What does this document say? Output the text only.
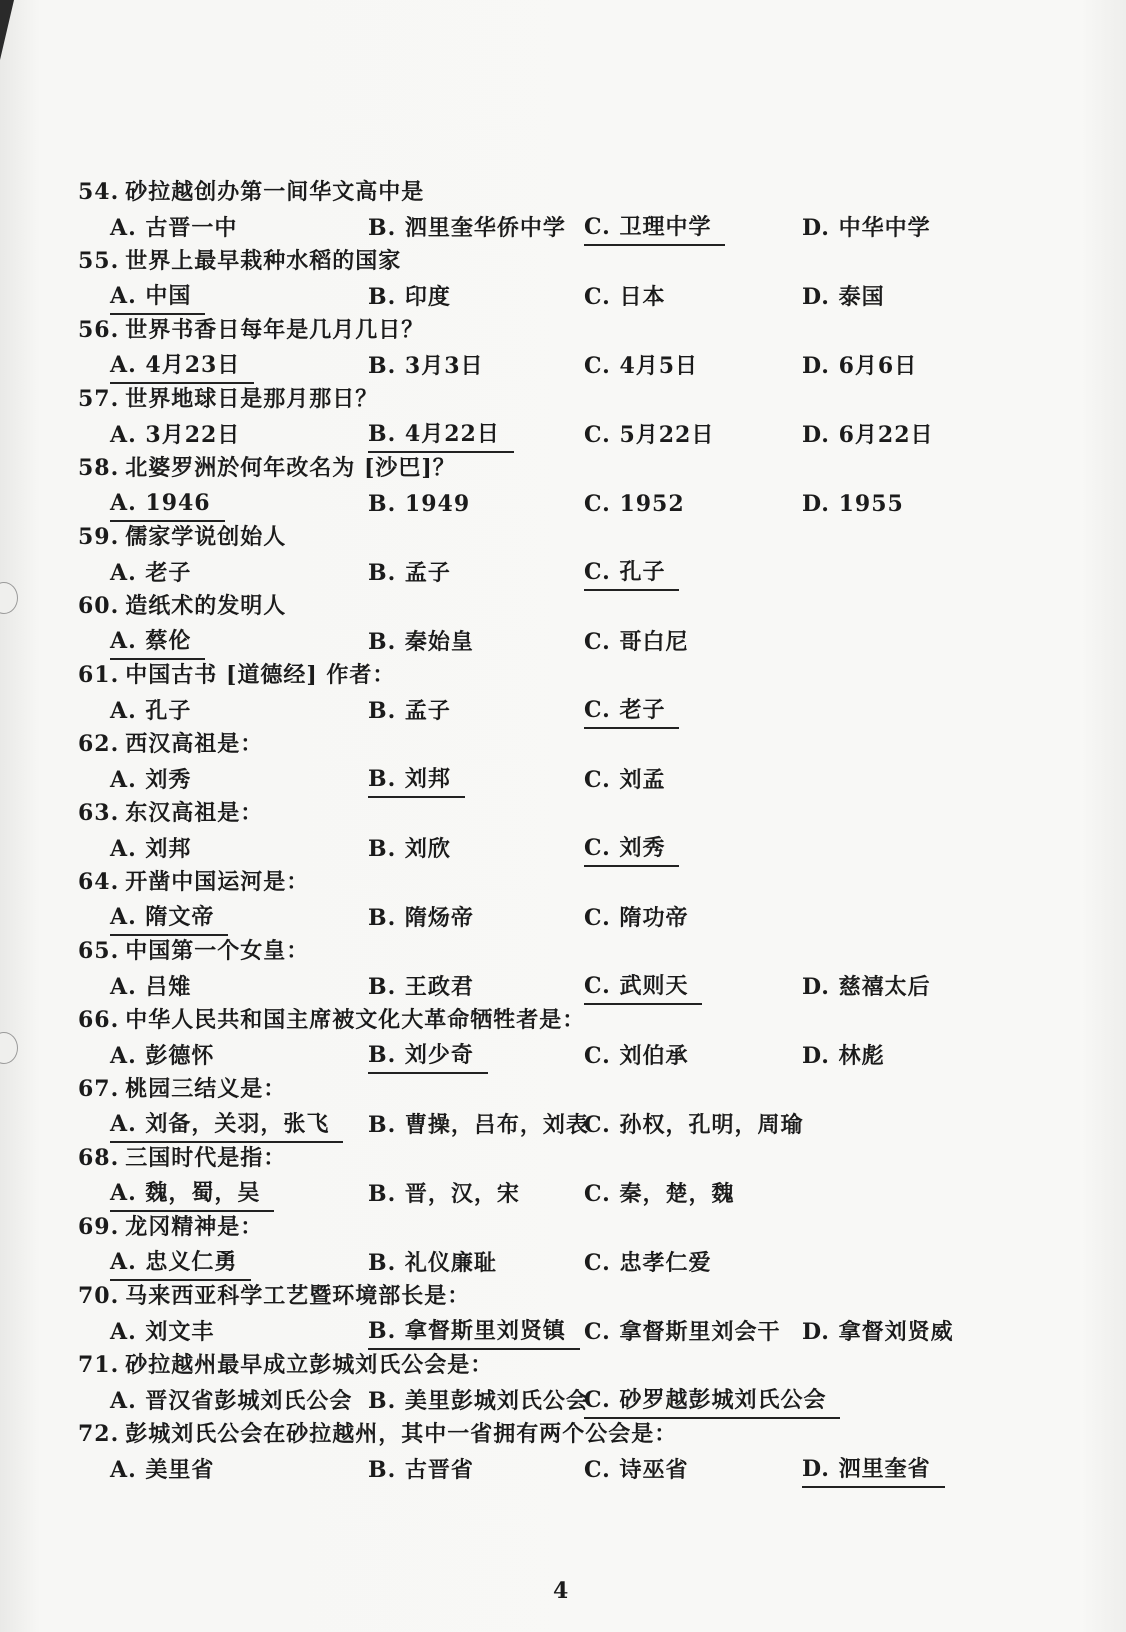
54. 砂拉越创办第一间华文高中是
A. 古晋一中	B. 泗里奎华侨中学 C. 卫理中学	D. 中华中学
55. 世界上最早栽种水稻的国家
A. 中国	B. 印度	C. 日本	D. 泰国
56. 世界书香日每年是几月几日？
A. 4月23日	B. 3月3日	C. 4月5日	D. 6月6日
57. 世界地球日是那月那日？
A. 3月22日	B. 4月22日	C. 5月22日	D. 6月22日
58. 北婆罗洲於何年改名为 [沙巴]？
A. 1946	B. 1949	C. 1952	D. 1955
59. 儒家学说创始人
A. 老子	B. 孟子	C. 孔子
60. 造纸术的发明人
A. 蔡伦	B. 秦始皇	C. 哥白尼
61. 中国古书 [道德经] 作者：
A. 孔子	B. 孟子	C. 老子
62. 西汉高祖是：
A. 刘秀	B. 刘邦	C. 刘孟
63. 东汉高祖是：
A. 刘邦	B. 刘欣	C. 刘秀
64. 开凿中国运河是：
A. 隋文帝	B. 隋炀帝	C. 隋功帝
65. 中国第一个女皇：
A. 吕雉	B. 王政君	C. 武则天	D. 慈禧太后
66. 中华人民共和国主席被文化大革命牺牲者是：
A. 彭德怀	B. 刘少奇	C. 刘伯承	D. 林彪
67. 桃园三结义是：
A. 刘备，关羽，张飞	B. 曹操，吕布，刘表
C. 孙权，孔明，周瑜
68. 三国时代是指：
A. 魏，蜀，吴	B. 晋，汉，宋	C. 秦，楚，魏
69. 龙冈精神是：
A. 忠义仁勇	B. 礼仪廉耻	C. 忠孝仁爱
70. 马来西亚科学工艺暨环境部长是：
A. 刘文丰	B. 拿督斯里刘贤镇 C. 拿督斯里刘会干 D. 拿督刘贤威
71. 砂拉越州最早成立彭城刘氏公会是：
A. 晋汉省彭城刘氏公会 B. 美里彭城刘氏公会
C. 砂罗越彭城刘氏公会
72. 彭城刘氏公会在砂拉越州，其中一省拥有两个公会是：
A. 美里省	B. 古晋省	C. 诗巫省	D. 泗里奎省
4
